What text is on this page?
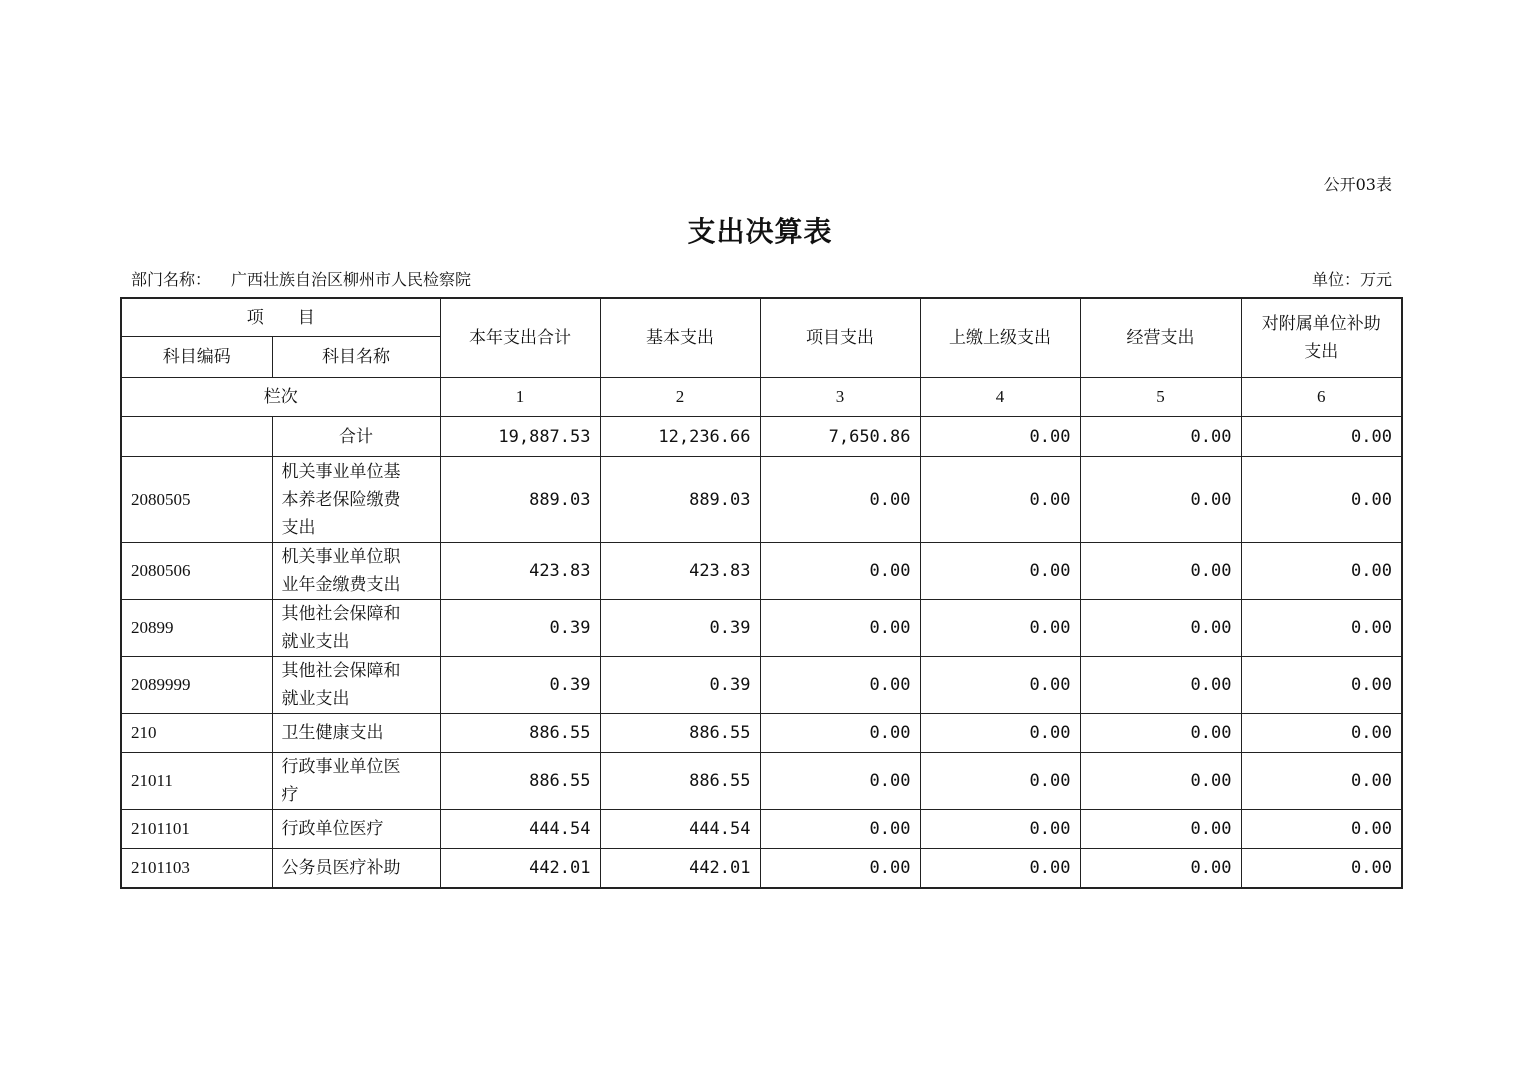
公开03表
支出决算表
部门名称： 广西壮族自治区柳州市人民检察院	单位：万元
项　　目		本年支出合计	基本支出	项目支出	上缴上级支出	经营支出	对附属单位补助
支出

科目编码	科目名称						
栏次		1	2	3	4	5	6
	合计	19,887.53	12,236.66	7,650.86	0.00	0.00	0.00
2080505	机关事业单位基
本养老保险缴费
支出	889.03	889.03	0.00	0.00	0.00	0.00
2080506	机关事业单位职
业年金缴费支出	423.83	423.83	0.00	0.00	0.00	0.00
20899	其他社会保障和
就业支出	0.39	0.39	0.00	0.00	0.00	0.00
2089999	其他社会保障和
就业支出	0.39	0.39	0.00	0.00	0.00	0.00
210	卫生健康支出	886.55	886.55	0.00	0.00	0.00	0.00
21011	行政事业单位医
疗	886.55	886.55	0.00	0.00	0.00	0.00
2101101	行政单位医疗	444.54	444.54	0.00	0.00	0.00	0.00
2101103	公务员医疗补助	442.01	442.01	0.00	0.00	0.00	0.00
